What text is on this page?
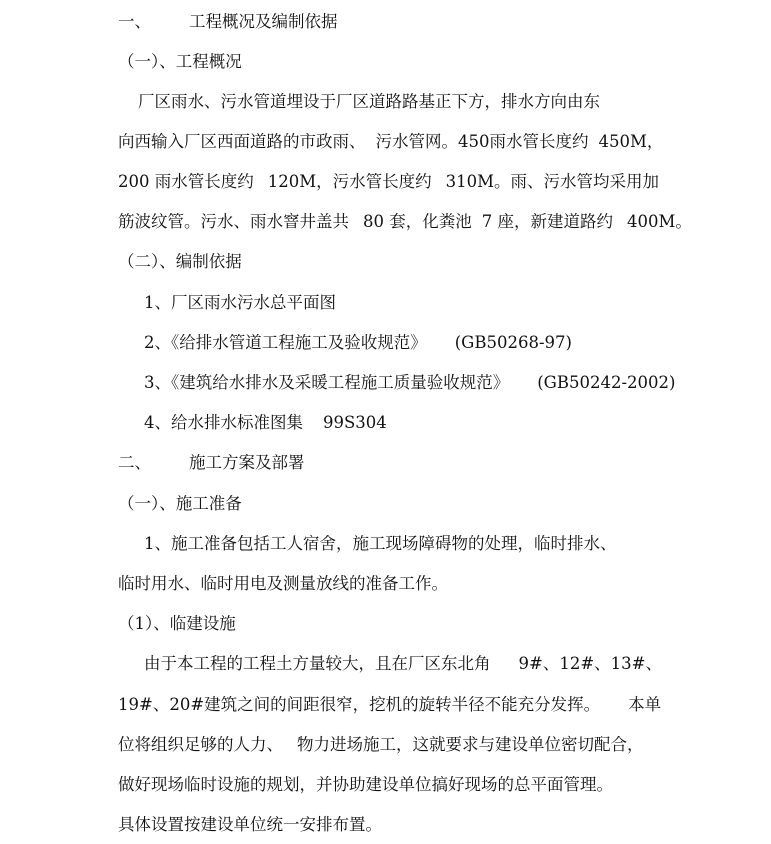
一、 工程概况及编制依据
（一）、工程概况
厂区雨水、污水管道埋设于厂区道路路基正下方，排水方向由东
向西输入厂区西面道路的市政雨、 污水管网。450雨水管长度约 450M，
200 雨水管长度约 120M，污水管长度约 310M。雨、污水管均采用加
筋波纹管。污水、雨水窨井盖共 80 套，化粪池 7 座，新建道路约 400M。
（二）、编制依据
1、厂区雨水污水总平面图
2、《给排水管道工程施工及验收规范》 (GB50268-97)
3、《建筑给水排水及采暖工程施工质量验收规范》 (GB50242-2002)
4、给水排水标准图集 99S304
二、 施工方案及部署
（一）、施工准备
1、施工准备包括工人宿舍，施工现场障碍物的处理，临时排水、
临时用水、临时用电及测量放线的准备工作。
（1）、临建设施
由于本工程的工程土方量较大，且在厂区东北角 9#、12#、13#、
19#、20#建筑之间的间距很窄，挖机的旋转半径不能充分发挥。 本单
位将组织足够的人力、 物力进场施工，这就要求与建设单位密切配合，
做好现场临时设施的规划，并协助建设单位搞好现场的总平面管理。
具体设置按建设单位统一安排布置。
